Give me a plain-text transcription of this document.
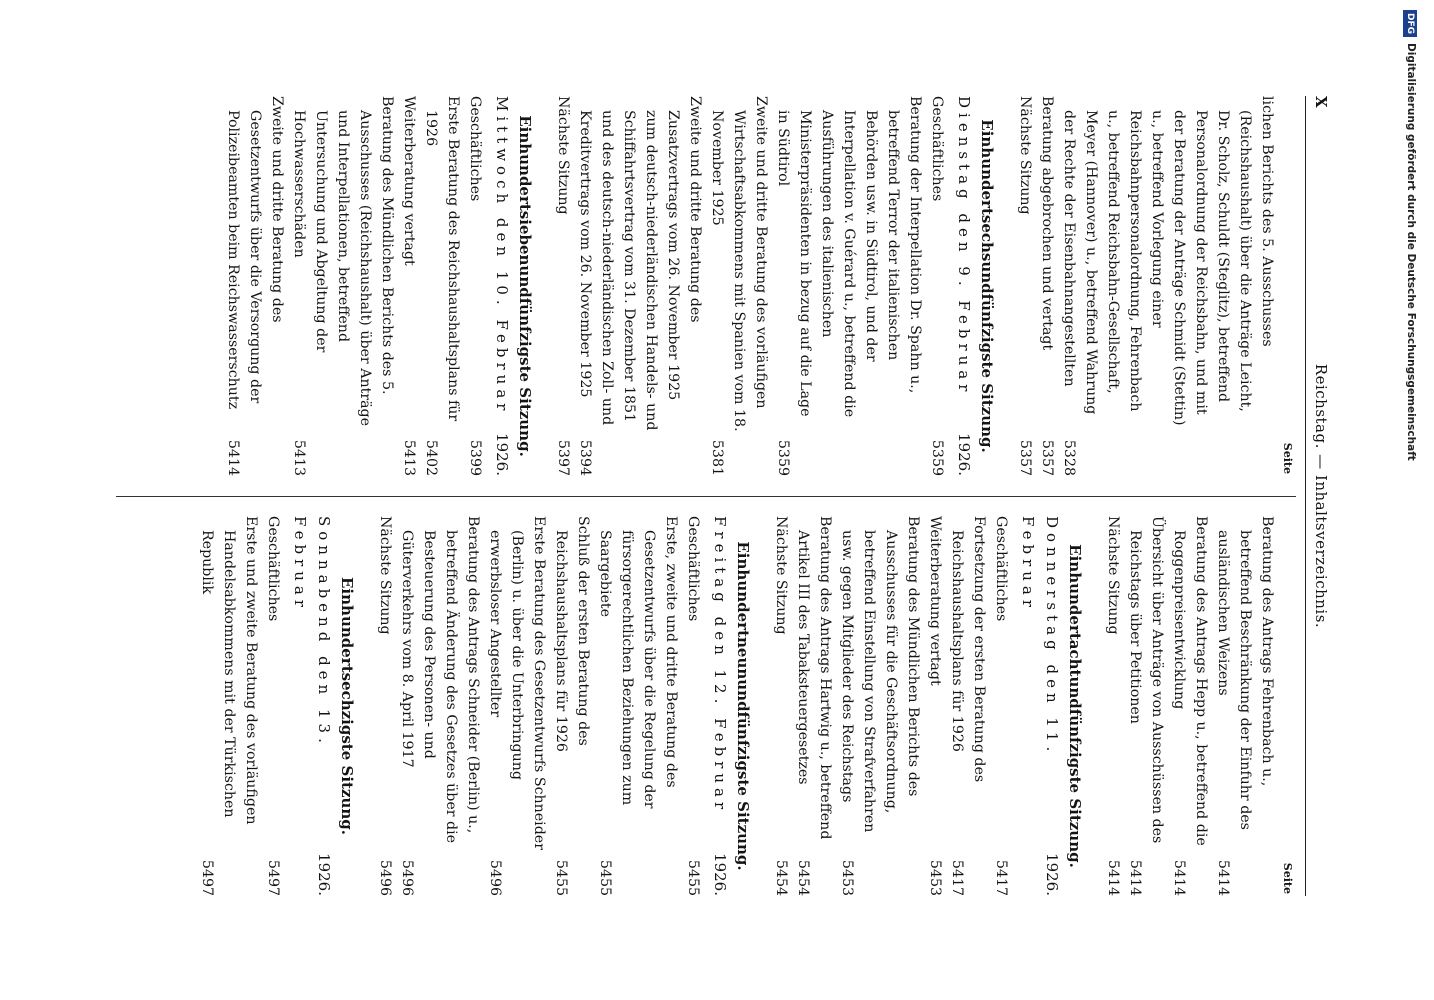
X
Reichstag. — Inhaltsverzeichnis.
Seite
lichen Berichts des 5. Ausschusses (Reichshaushalt) über die Anträge Leicht, Dr. Scholz, Schuldt (Steglitz), betreffend Personalordnung der Reichsbahn, und mit der Beratung der Anträge Schmidt (Stettin) u., betreffend Vorlegung einer Reichsbahnpersonalordnung, Fehrenbach u., betreffend Reichsbahn-Gesellschaft, Meyer (Hannover) u., betreffend Wahrung der Rechte der Eisenbahnangestellten
5328
Beratung abgebrochen und vertagt
5357
Nächste Sitzung
5357
Einhundertsechsundfünfzigste Sitzung.
Dienstag den 9. Februar
1926.
Geschäftliches
5359
Beratung der Interpellation Dr. Spahn u., betreffend Terror der italienischen Behörden usw. in Südtirol, und der Interpellation v. Guérard u., betreffend die Ausführungen des italienischen Ministerpräsidenten in bezug auf die Lage in Südtirol
5359
Zweite und dritte Beratung des vorläufigen Wirtschaftsabkommens mit Spanien vom 18. November 1925
5381
Zweite und dritte Beratung des Zusatzvertrags vom 26. November 1925 zum deutsch-niederländischen Handels- und Schiffahrtsvertrag vom 31. Dezember 1851 und des deutsch-niederländischen Zoll- und Kreditvertrags vom 26. November 1925
5394
Nächste Sitzung
5397
Einhundertsiebenundfünfzigste Sitzung.
Mittwoch den 10. Februar
1926.
Geschäftliches
5399
Erste Beratung des Reichshaushaltsplans für 1926
5402
Weiterberatung vertagt
5413
Beratung des Mündlichen Berichts des 5. Ausschusses (Reichshaushalt) über Anträge und Interpellationen, betreffend Untersuchung und Abgeltung der Hochwasserschäden
5413
Zweite und dritte Beratung des Gesetzentwurfs über die Versorgung der Polizeibeamten beim Reichswasserschutz
5414
Seite
Beratung des Antrags Fehrenbach u., betreffend Beschränkung der Einfuhr des ausländischen Weizens
5414
Beratung des Antrags Hepp u., betreffend die Roggenpreisentwicklung
5414
Übersicht über Anträge von Ausschüssen des Reichstags über Petitionen
5414
Nächste Sitzung
5414
Einhundertachtundfünfzigste Sitzung.
Donnerstag den 11. Februar
1926.
Geschäftliches
5417
Fortsetzung der ersten Beratung des Reichshaushaltsplans für 1926
5417
Weiterberatung vertagt
5453
Beratung des Mündlichen Berichts des Ausschusses für die Geschäftsordnung, betreffend Einstellung von Strafverfahren usw. gegen Mitglieder des Reichstags
5453
Beratung des Antrags Hartwig u., betreffend Artikel III des Tabaksteuergesetzes
5454
Nächste Sitzung
5454
Einhundertneunundfünfzigste Sitzung.
Freitag den 12. Februar
1926.
Geschäftliches
5455
Erste, zweite und dritte Beratung des Gesetzentwurfs über die Regelung der fürsorgerechtlichen Beziehungen zum Saargebiete
5455
Schluß der ersten Beratung des Reichshaushaltsplans für 1926
5455
Erste Beratung des Gesetzentwurfs Schneider (Berlin) u. über die Unterbringung erwerbsloser Angestellter
5496
Beratung des Antrags Schneider (Berlin) u., betreffend Änderung des Gesetzes über die Besteuerung des Personen- und Güterverkehrs vom 8. April 1917
5496
Nächste Sitzung
5496
Einhundertsechzigste Sitzung.
Sonnabend den 13. Februar
1926.
Geschäftliches
5497
Erste und zweite Beratung des vorläufigen Handelsabkommens mit der Türkischen Republik
5497
DFGDigitalisierung gefördert durch die Deutsche Forschungsgemeinschaft
